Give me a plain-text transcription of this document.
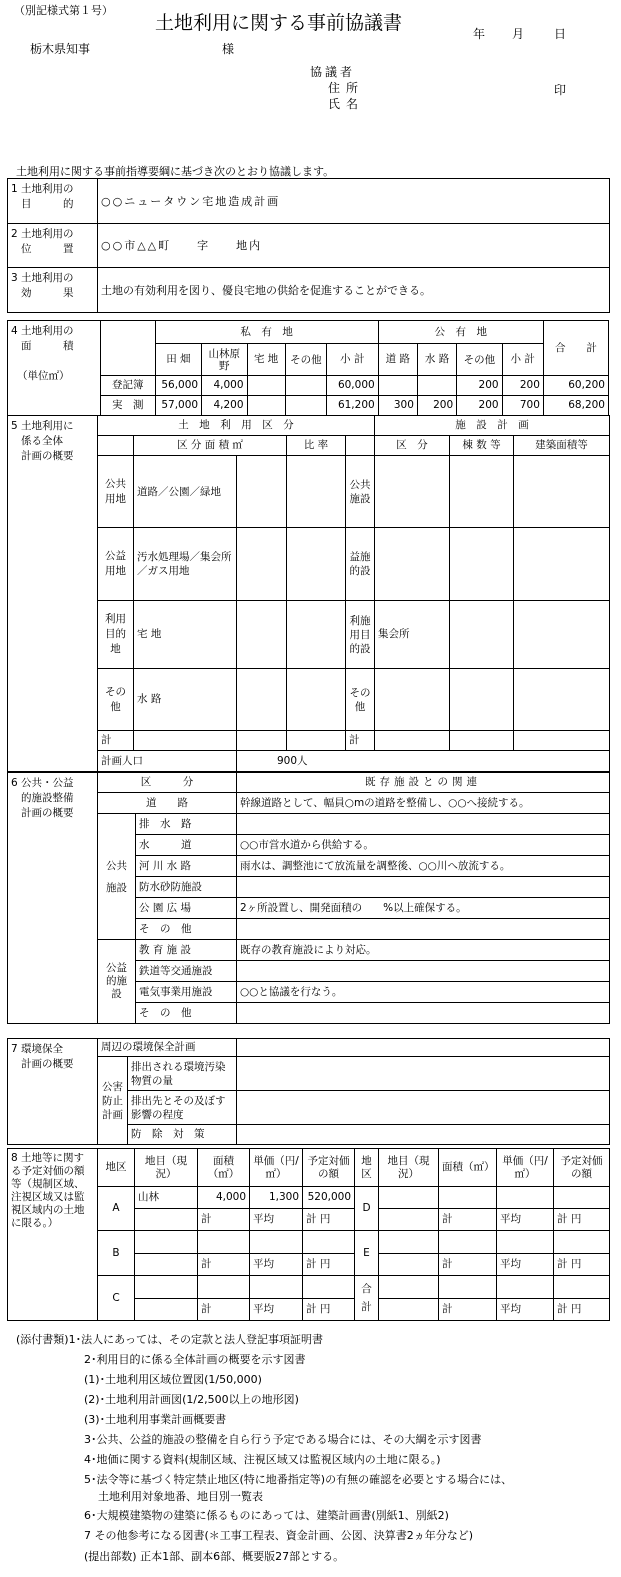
（別記様式第１号）
土地利用に関する事前協議書	年 月 日
栃木県知事	様
協議者
住所	印
氏名
土地利用に関する事前指導要綱に基づき次のとおり協議します。
1 土地利用の
目　　　的	○○ニュータウン宅地造成計画
2 土地利用の
位　　　置	○○市△△町　　字　　地内
3 土地利用の
効　　　果	土地の有効利用を図り、優良宅地の供給を促進することができる。
4 土地利用の
面　　　積

（単位㎡）		私　有　地					公　有　地				合　　計
		田 畑	山林原野	宅 地	その他	小 計	道 路	水 路	その他	小 計	
	登記簿	56,000	4,000			60,000			200	200	60,200
	実　測	57,000	4,200			61,200	300	200	200	700	68,200
5 土地利用に
係る全体
計画の概要	土　地　利　用　区　分					施　設　計　画		
		区 分 面 積 ㎡		比 率		区　分	棟 数 等	建築面積等
	公共用地	道路／公園／緑地			公共施設			
	公益用地	汚水処理場／集会所／ガス用地			益施的設			
	利用目的地	宅 地			利施用目的設	集会所		
	その他	水 路			その他			
	計				計			
	計画人口		900人					
6 公共・公益
的施設整備
計画の概要	区　　　分		既存施設との関連
	道　　路		幹線道路として、幅員○mの道路を整備し、○○へ接続する。
	公共施設	排　水　路	
		水　　　道	○○市営水道から供給する。
		河 川 水 路	雨水は、調整池にて放流量を調整後、○○川へ放流する。
		防水砂防施設	
		公 園 広 場	2ヶ所設置し、開発面積の　　%以上確保する。
		そ　の　他	
	公益的施設	教 育 施 設	既存の教育施設により対応。
		鉄道等交通施設	
		電気事業用施設	○○と協議を行なう。
		そ　の　他	
7 環境保全
計画の概要	周辺の環境保全計画		
	公害防止計画	排出される環境汚染物質の量	
		排出先とその及ぼす影響の程度	
		防　除　対　策	
8 土地等に関する予定対価の額等（規制区域、注視区域又は監視区域内の土地に限る。）	地区	地目（現況）	面積（㎡）	単価（円/㎡）	予定対価の額	地区	地目（現況）	面積（㎡）	単価（円/㎡）	予定対価の額
	A	山林	4,000	1,300	520,000	D				
			計	平均	計 円			計	平均	計 円
	B					E				
			計	平均	計 円			計	平均	計 円
	C					合計				
			計	平均	計 円			計	平均	計 円
(添付書類)1･法人にあっては、その定款と法人登記事項証明書
2･利用目的に係る全体計画の概要を示す図書
(1)･土地利用区域位置図(1/50,000)
(2)･土地利用計画図(1/2,500以上の地形図)
(3)･土地利用事業計画概要書
3･公共、公益的施設の整備を自ら行う予定である場合には、その大綱を示す図書
4･地価に関する資料(規制区域、注視区域又は監視区域内の土地に限る。)
5･法令等に基づく特定禁止地区(特に地番指定等)の有無の確認を必要とする場合には、
土地利用対象地番、地目別一覧表
6･大規模建築物の建築に係るものにあっては、建築計画書(別紙1、別紙2)
7 その他参考になる図書(＊工事工程表、資金計画、公図、決算書2ヵ年分など)
(提出部数) 正本1部、副本6部、概要版27部とする。
